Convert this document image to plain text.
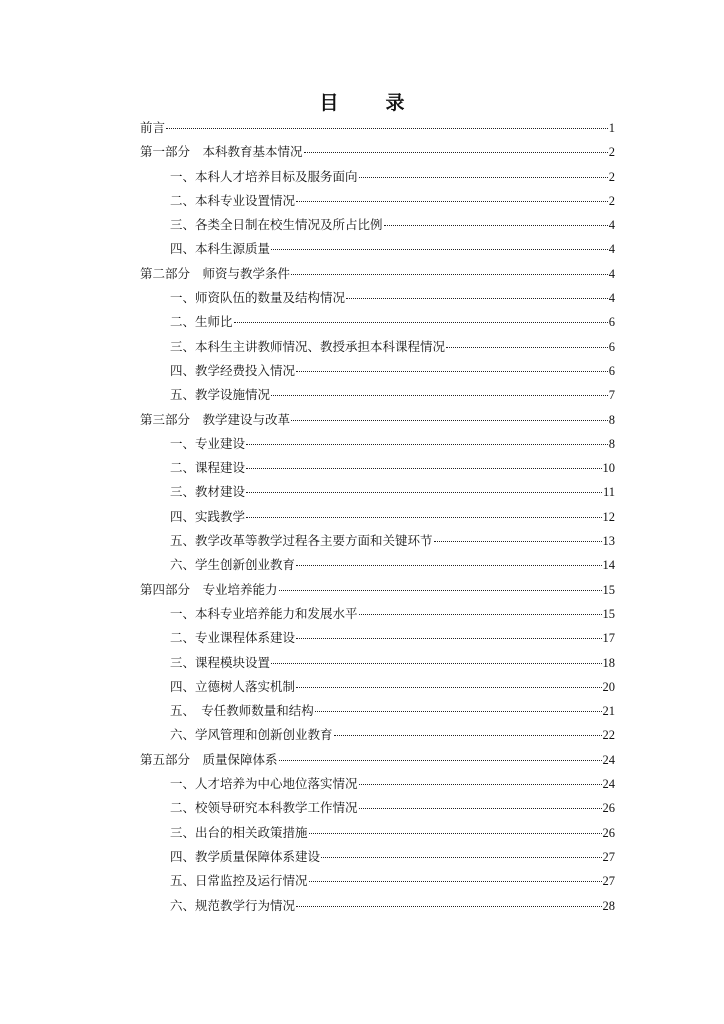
目　录
前言	1
第一部分　本科教育基本情况	2
一、本科人才培养目标及服务面向	2
二、本科专业设置情况	2
三、各类全日制在校生情况及所占比例	4
四、本科生源质量	4
第二部分　师资与教学条件	4
一、师资队伍的数量及结构情况	4
二、生师比	6
三、本科生主讲教师情况、教授承担本科课程情况	6
四、教学经费投入情况	6
五、教学设施情况	7
第三部分　教学建设与改革	8
一、专业建设	8
二、课程建设	10
三、教材建设	11
四、实践教学	12
五、教学改革等教学过程各主要方面和关键环节	13
六、学生创新创业教育	14
第四部分　专业培养能力	15
一、本科专业培养能力和发展水平	15
二、专业课程体系建设	17
三、课程模块设置	18
四、立德树人落实机制	20
五、　专任教师数量和结构	21
六、学风管理和创新创业教育	22
第五部分　质量保障体系	24
一、人才培养为中心地位落实情况	24
二、校领导研究本科教学工作情况	26
三、出台的相关政策措施	26
四、教学质量保障体系建设	27
五、日常监控及运行情况	27
六、规范教学行为情况	28
